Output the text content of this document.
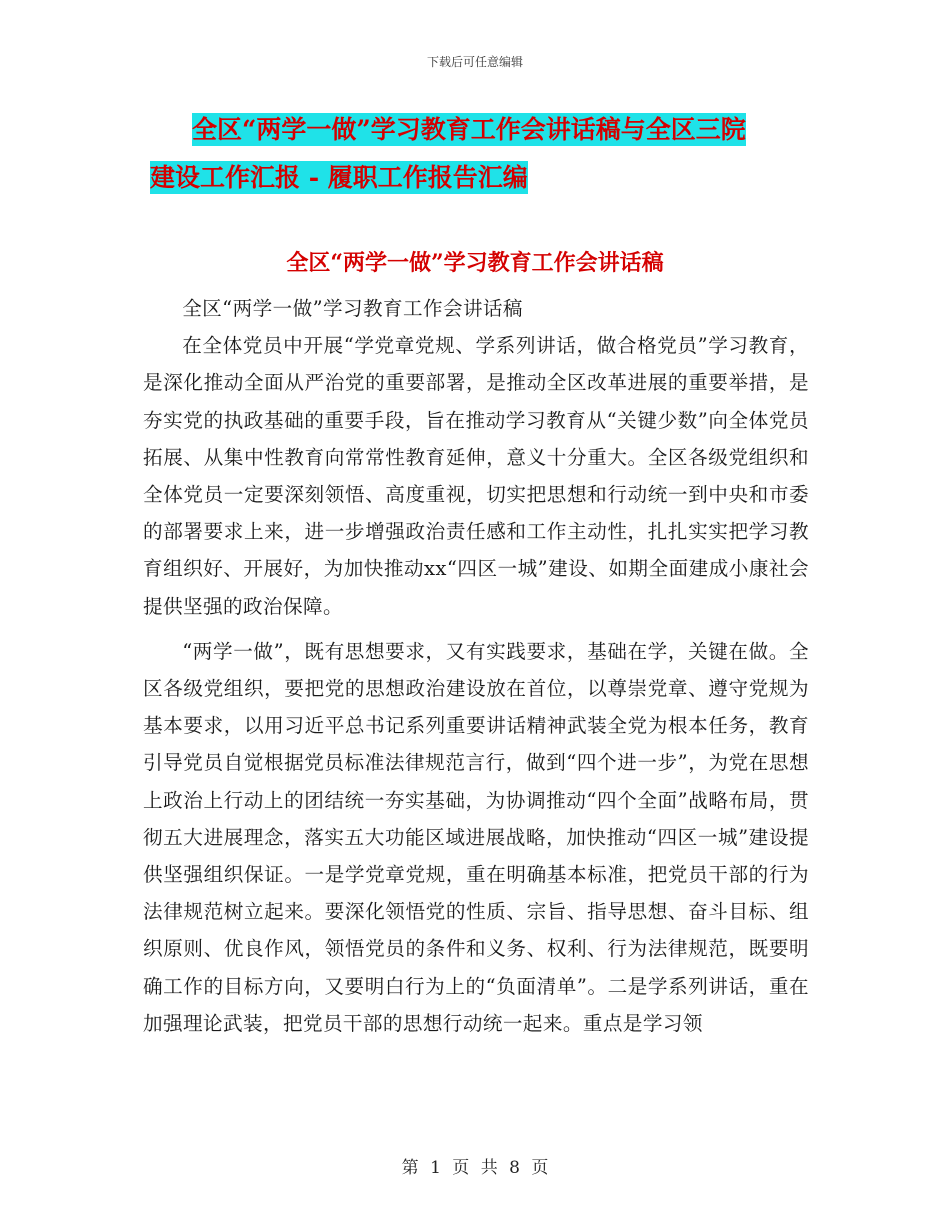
下载后可任意编辑
全区“两学一做”学习教育工作会讲话稿与全区三院
建设工作汇报 - 履职工作报告汇编
全区“两学一做”学习教育工作会讲话稿

全区“两学一做”学习教育工作会讲话稿

在全体党员中开展“学党章党规、学系列讲话，做合格党员”学习教育，是深化推动全面从严治党的重要部署，是推动全区改革进展的重要举措，是夯实党的执政基础的重要手段，旨在推动学习教育从“关键少数”向全体党员拓展、从集中性教育向常常性教育延伸，意义十分重大。全区各级党组织和全体党员一定要深刻领悟、高度重视，切实把思想和行动统一到中央和市委的部署要求上来，进一步增强政治责任感和工作主动性，扎扎实实把学习教育组织好、开展好，为加快推动xx“四区一城”建设、如期全面建成小康社会提供坚强的政治保障。

“两学一做”，既有思想要求，又有实践要求，基础在学，关键在做。全区各级党组织，要把党的思想政治建设放在首位，以尊崇党章、遵守党规为基本要求，以用习近平总书记系列重要讲话精神武装全党为根本任务，教育引导党员自觉根据党员标准法律规范言行，做到“四个进一步”，为党在思想上政治上行动上的团结统一夯实基础，为协调推动“四个全面”战略布局，贯彻五大进展理念，落实五大功能区域进展战略，加快推动“四区一城”建设提供坚强组织保证。一是学党章党规，重在明确基本标准，把党员干部的行为法律规范树立起来。要深化领悟党的性质、宗旨、指导思想、奋斗目标、组织原则、优良作风，领悟党员的条件和义务、权利、行为法律规范，既要明确工作的目标方向，又要明白行为上的“负面清单”。二是学系列讲话，重在加强理论武装，把党员干部的思想行动统一起来。重点是学习领

第 1 页 共 8 页
